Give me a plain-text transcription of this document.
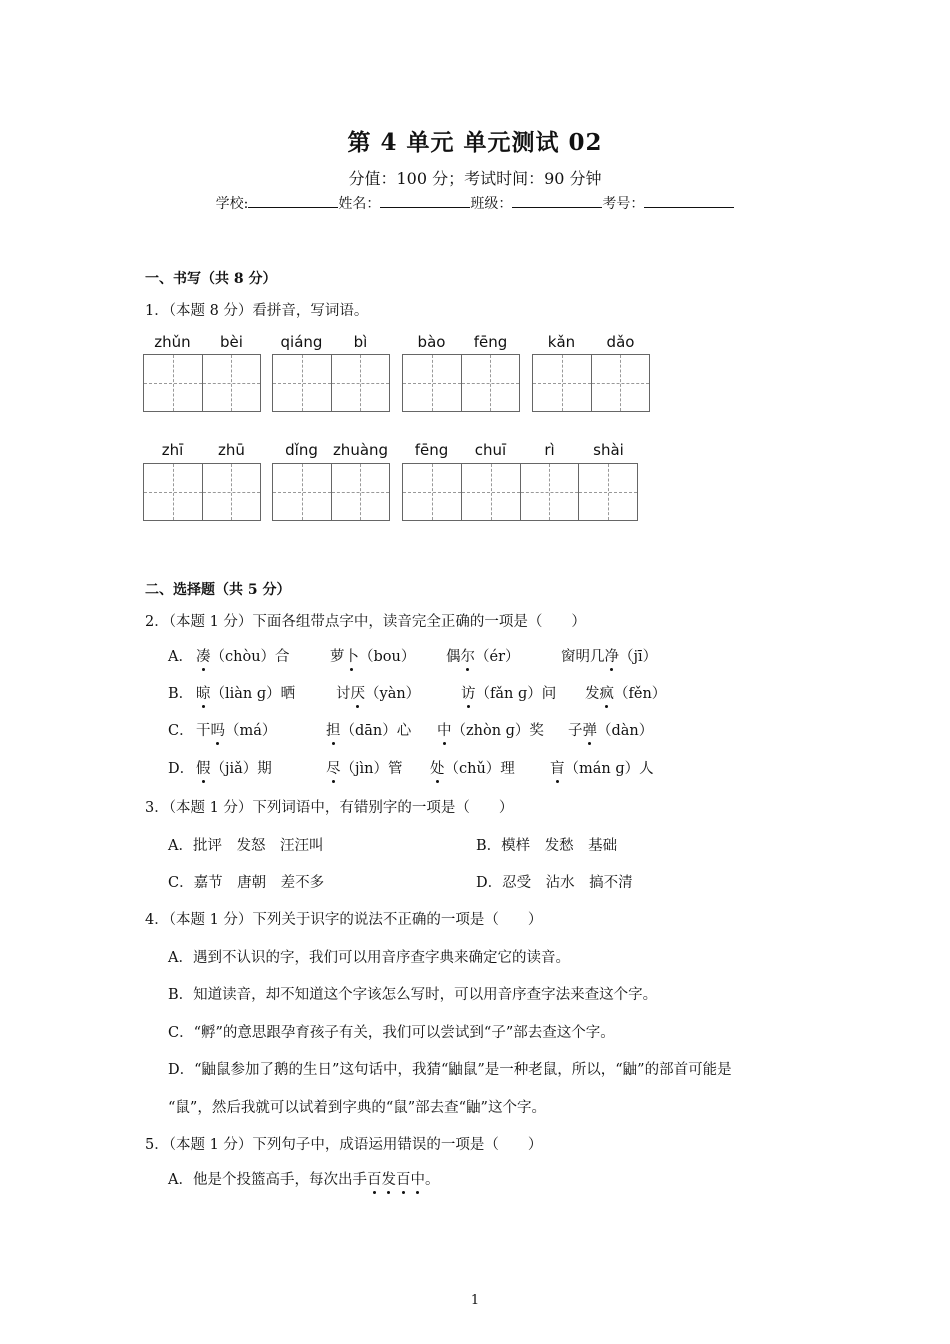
第 4 单元 单元测试 02
分值：100 分；考试时间：90 分钟
学校:	姓名：	班级：	考号：
一、书写（共 8 分）
1．（本题 8 分）看拼音，写词语。
zhǔn	bèi	qiáng	bì	bào	fēng	kǎn	dǎo
zhī	zhū	dǐng	zhuàng	fēng	chuī	rì	shài
二、选择题（共 5 分）
2．（本题 1 分）下面各组带点字中，读音完全正确的一项是（　　）
A． 凑（chòu）合	萝卜（bou） 偶尔（ér）	窗明几净（jī）
B． 晾（liàn ɡ）晒	讨厌（yàn）	访（fǎn ɡ）问 发疯（fěn）
C． 干吗（má）	担（dān）心 中（zhòn ɡ）奖 子弹（dàn）
D． 假（jiǎ）期	尽（jìn）管 处（chǔ）理 盲（mán ɡ）人
3．（本题 1 分）下列词语中，有错别字的一项是（　　）
A．批评　发怒　汪汪叫	B．模样　发愁　基础
C．嘉节　唐朝　差不多	D．忍受　沾水　搞不清
4．（本题 1 分）下列关于识字的说法不正确的一项是（　　）
A．遇到不认识的字，我们可以用音序查字典来确定它的读音。
B．知道读音，却不知道这个字该怎么写时，可以用音序查字法来查这个字。
C．“孵”的意思跟孕育孩子有关，我们可以尝试到“子”部去查这个字。
D．“鼬鼠参加了鹅的生日”这句话中，我猜“鼬鼠”是一种老鼠，所以，“鼬”的部首可能是
“鼠”，然后我就可以试着到字典的“鼠”部去查“鼬”这个字。
5．（本题 1 分）下列句子中，成语运用错误的一项是（　　）
A．他是个投篮高手，每次出手百发百中。
1
